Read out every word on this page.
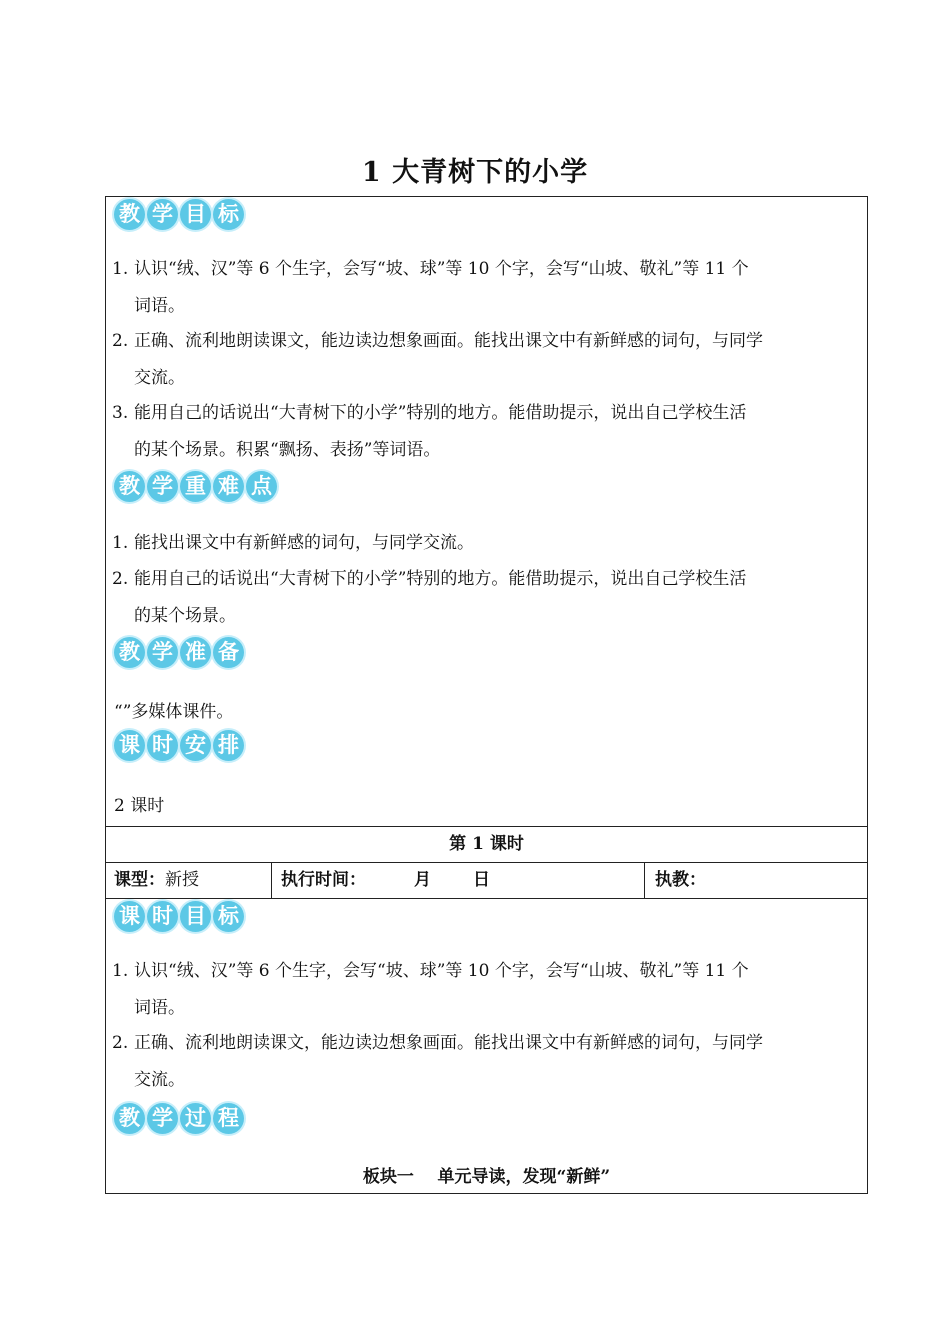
1 大青树下的小学
教 学 目 标
1. 认识“绒、汉”等 6 个生字，会写“坡、球”等 10 个字，会写“山坡、敬礼”等 11 个
词语。
2. 正确、流利地朗读课文，能边读边想象画面。能找出课文中有新鲜感的词句，与同学
交流。
3. 能用自己的话说出“大青树下的小学”特别的地方。能借助提示，说出自己学校生活
的某个场景。积累“飘扬、表扬”等词语。
教 学 重 难 点
1. 能找出课文中有新鲜感的词句，与同学交流。
2. 能用自己的话说出“大青树下的小学”特别的地方。能借助提示，说出自己学校生活
的某个场景。
教 学 准 备
“”多媒体课件。
课 时 安 排
2 课时
第 1 课时
课型：新授	执行时间：	月 日	执教：
课 时 目 标
1. 认识“绒、汉”等 6 个生字，会写“坡、球”等 10 个字，会写“山坡、敬礼”等 11 个
词语。
2. 正确、流利地朗读课文，能边读边想象画面。能找出课文中有新鲜感的词句，与同学
交流。
教 学 过 程
板块一    单元导读，发现“新鲜”
